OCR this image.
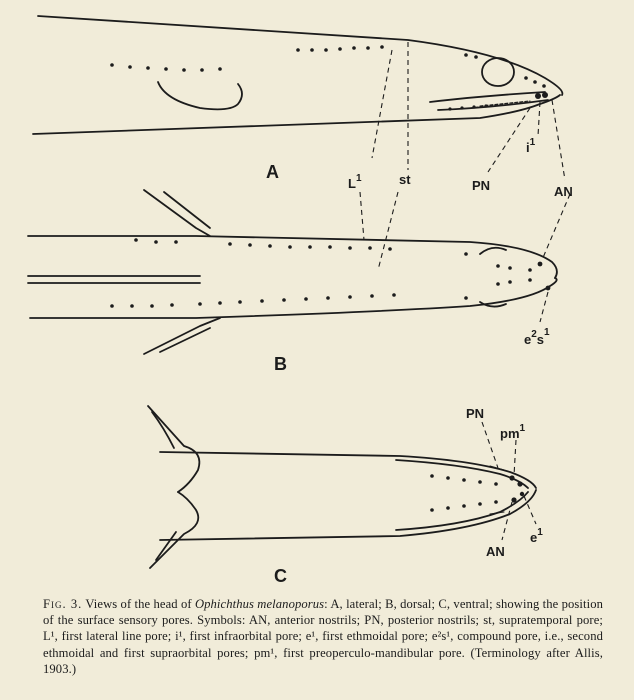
A
$L^1$	st	PN
$i^1$
AN
B
$e^2s^1$
C
PN
$pm^1$
AN
$e^1$
Fig. 3. Views of the head of Ophichthus melanoporus: A, lateral; B, dorsal; C, ventral; showing the position of the surface sensory pores. Symbols: AN, anterior nostrils; PN, posterior nostrils; st, supratemporal pore; L¹, first lateral line pore; i¹, first infraorbital pore; e¹, first ethmoidal pore; e²s¹, compound pore, i.e., second ethmoidal and first supraorbital pores; pm¹, first preoperculo-mandibular pore. (Terminology after Allis, 1903.)
